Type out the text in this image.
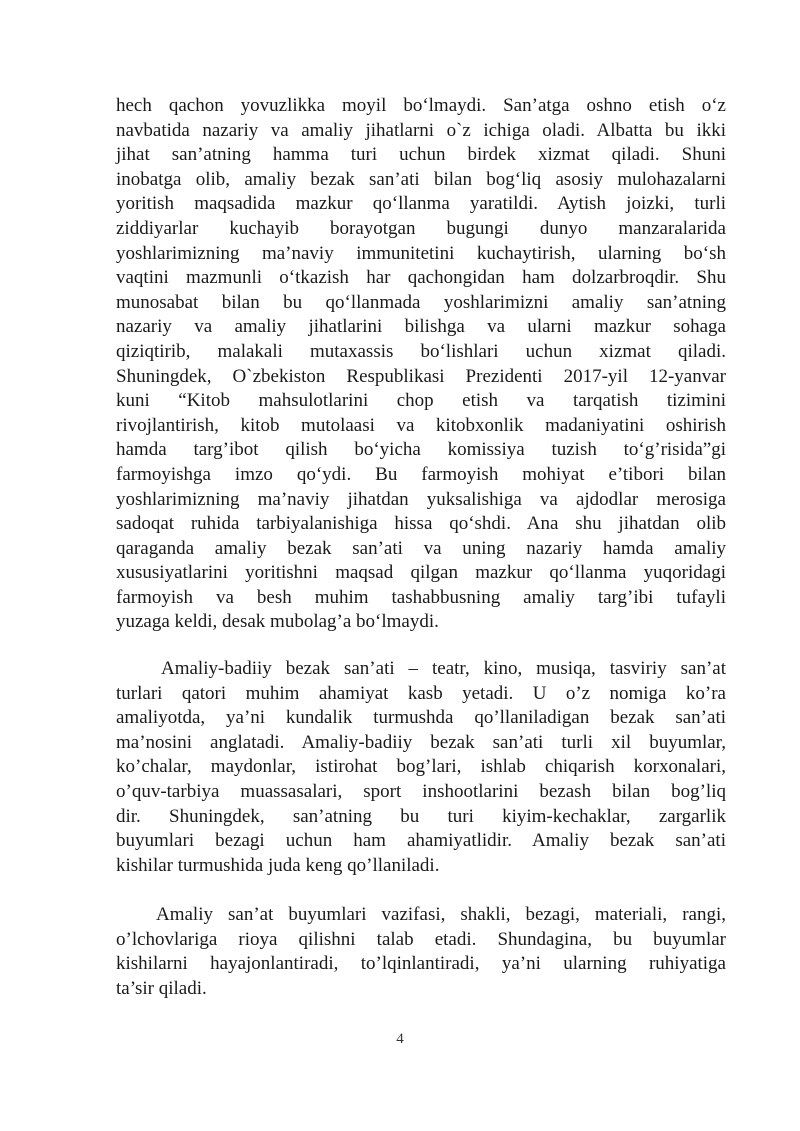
hech qachon yovuzlikka moyil bo‘lmaydi. San’atga oshno etish o‘z
navbatida nazariy va amaliy jihatlarni o`z ichiga oladi. Albatta bu ikki
jihat san’atning hamma turi uchun birdek xizmat qiladi. Shuni
inobatga olib, amaliy bezak san’ati bilan bog‘liq asosiy mulohazalarni
yoritish maqsadida mazkur qo‘llanma yaratildi. Aytish joizki, turli
ziddiyarlar kuchayib borayotgan bugungi dunyo manzaralarida
yoshlarimizning ma’naviy immunitetini kuchaytirish, ularning bo‘sh
vaqtini mazmunli o‘tkazish har qachongidan ham dolzarbroqdir. Shu
munosabat bilan bu qo‘llanmada yoshlarimizni amaliy san’atning
nazariy va amaliy jihatlarini bilishga va ularni mazkur sohaga
qiziqtirib, malakali mutaxassis bo‘lishlari uchun xizmat qiladi.
Shuningdek, O`zbekiston Respublikasi Prezidenti 2017-yil 12-yanvar
kuni “Kitob mahsulotlarini chop etish va tarqatish tizimini
rivojlantirish, kitob mutolaasi va kitobxonlik madaniyatini oshirish
hamda targ’ibot qilish bo‘yicha komissiya tuzish to‘g’risida”gi
farmoyishga imzo qo‘ydi. Bu farmoyish mohiyat e’tibori bilan
yoshlarimizning ma’naviy jihatdan yuksalishiga va ajdodlar merosiga
sadoqat ruhida tarbiyalanishiga hissa qo‘shdi. Ana shu jihatdan olib
qaraganda amaliy bezak san’ati va uning nazariy hamda amaliy
xususiyatlarini yoritishni maqsad qilgan mazkur qo‘llanma yuqoridagi
farmoyish va besh muhim tashabbusning amaliy targ’ibi tufayli
yuzaga keldi, desak mubolag’a bo‘lmaydi.
Amaliy-badiiy bezak san’ati – teatr, kino, musiqa, tasviriy san’at
turlari qatori muhim ahamiyat kasb yetadi. U o’z nomiga ko’ra
amaliyotda, ya’ni kundalik turmushda qo’llaniladigan bezak san’ati
ma’nosini anglatadi. Amaliy-badiiy bezak san’ati turli xil buyumlar,
ko’chalar, maydonlar, istirohat bog’lari, ishlab chiqarish korxonalari,
o’quv-tarbiya muassasalari, sport inshootlarini bezash bilan bog’liq
dir. Shuningdek, san’atning bu turi kiyim-kechaklar, zargarlik
buyumlari bezagi uchun ham ahamiyatlidir. Amaliy bezak san’ati
kishilar turmushida juda keng qo’llaniladi.
Amaliy san’at buyumlari vazifasi, shakli, bezagi, materiali, rangi,
o’lchovlariga rioya qilishni talab etadi. Shundagina, bu buyumlar
kishilarni hayajonlantiradi, to’lqinlantiradi, ya’ni ularning ruhiyatiga
ta’sir qiladi.
4
